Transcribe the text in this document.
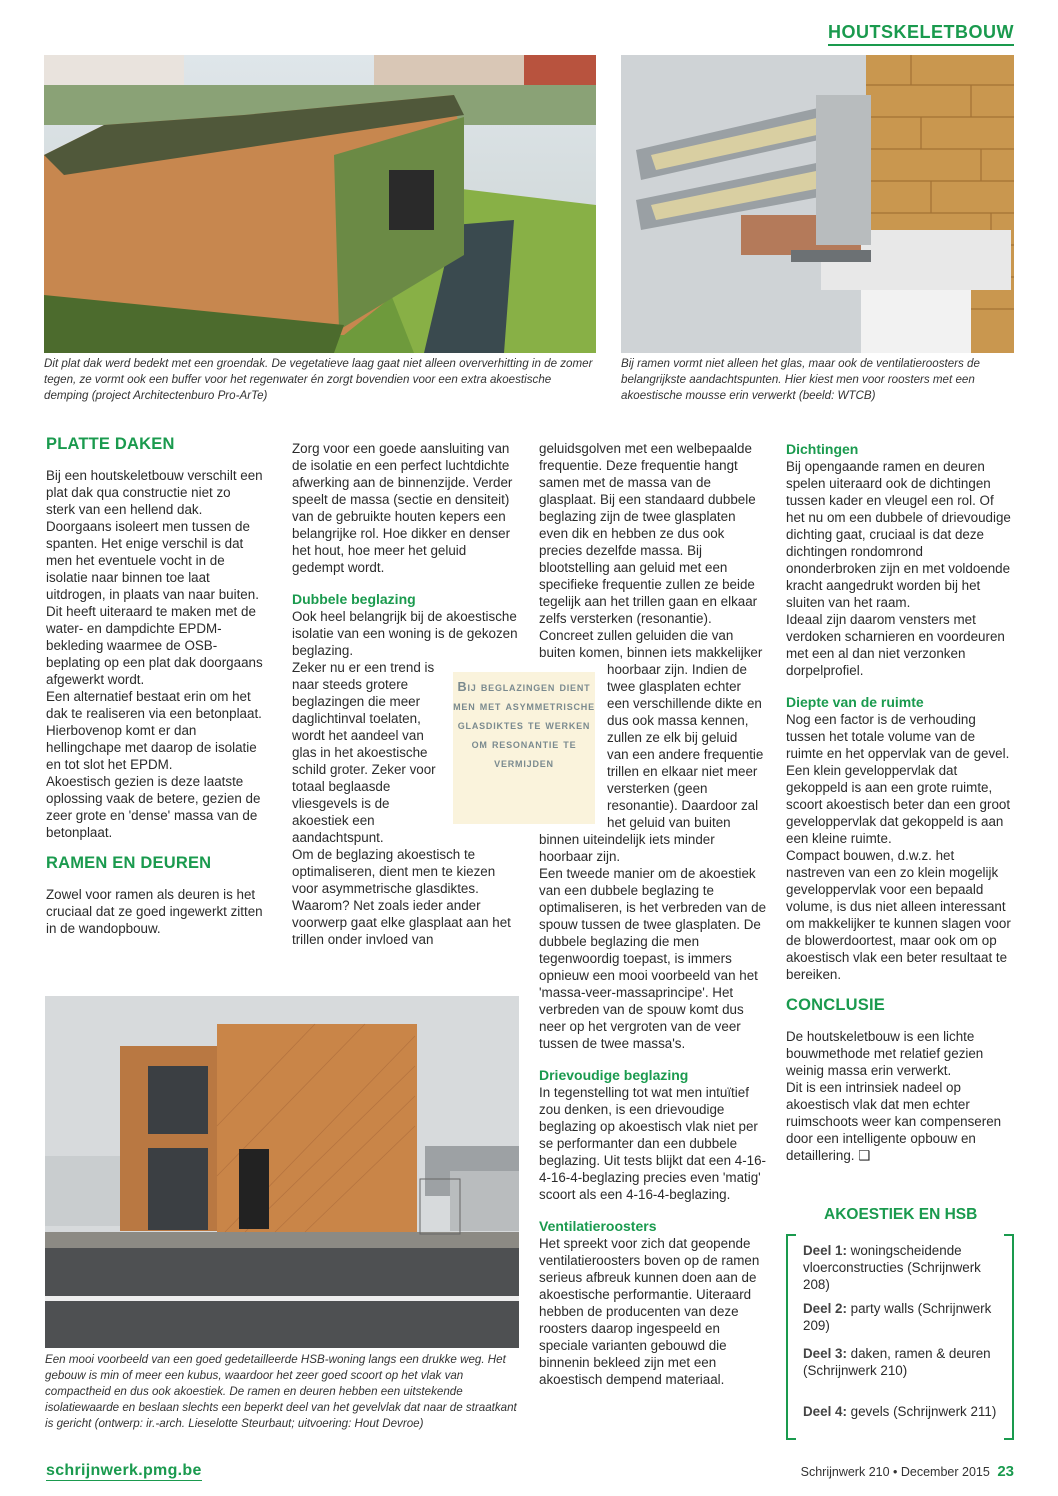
HOUTSKELETBOUW
Dit plat dak werd bedekt met een groendak. De vegetatieve laag gaat niet alleen oververhitting in de zomer tegen, ze vormt ook een buffer voor het regenwater én zorgt bovendien voor een extra akoestische demping (project Architectenburo Pro-ArTe)
Bij ramen vormt niet alleen het glas, maar ook de ventilatieroosters de belangrijkste aandachtspunten. Hier kiest men voor roosters met een akoestische mousse erin verwerkt (beeld: WTCB)
PLATTE DAKEN

Bij een houtskeletbouw verschilt een plat dak qua constructie niet zo sterk van een hellend dak.

Doorgaans isoleert men tussen de spanten. Het enige verschil is dat men het eventuele vocht in de isolatie naar binnen toe laat uitdrogen, in plaats van naar buiten.

Dit heeft uiteraard te maken met de water- en dampdichte EPDM-bekleding waarmee de OSB-beplating op een plat dak doorgaans afgewerkt wordt.

Een alternatief bestaat erin om het dak te realiseren via een betonplaat. Hierbovenop komt er dan hellingchape met daarop de isolatie en tot slot het EPDM.

Akoestisch gezien is deze laatste oplossing vaak de betere, gezien de zeer grote en 'dense' massa van de betonplaat.

RAMEN EN DEUREN

Zowel voor ramen als deuren is het cruciaal dat ze goed ingewerkt zitten in de wandopbouw.

Zorg voor een goede aansluiting van de isolatie en een perfect luchtdichte afwerking aan de binnenzijde. Verder speelt de massa (sectie en densiteit) van de gebruikte houten kepers een belangrijke rol. Hoe dikker en denser het hout, hoe meer het geluid gedempt wordt.

Dubbele beglazing

Ook heel belangrijk bij de akoestische isolatie van een woning is de gekozen beglazing.

Zeker nu er een trend is
naar steeds grotere
beglazingen die meer
daglichtinval toelaten,
wordt het aandeel van
glas in het akoestische
schild groter. Zeker voor
totaal beglaasde
vliesgevels is de
akoestiek een
aandachtspunt.

Om de beglazing akoestisch te optimaliseren, dient men te kiezen voor asymmetrische glasdiktes. Waarom? Net zoals ieder ander voorwerp gaat elke glasplaat aan het trillen onder invloed van

Bij beglazingen dient men met asymmetrische glasdiktes te werken om resonantie te vermijden

geluidsgolven met een welbepaalde frequentie. Deze frequentie hangt samen met de massa van de glasplaat. Bij een standaard dubbele beglazing zijn de twee glasplaten even dik en hebben ze dus ook precies dezelfde massa. Bij blootstelling aan geluid met een specifieke frequentie zullen ze beide tegelijk aan het trillen gaan en elkaar zelfs versterken (resonantie).

Concreet zullen geluiden die van buiten komen, binnen iets makkelijker

hoorbaar zijn. Indien de
twee glasplaten echter
een verschillende dikte en
dus ook massa kennen,
zullen ze elk bij geluid
van een andere frequentie
trillen en elkaar niet meer
versterken (geen
resonantie). Daardoor zal
het geluid van buiten

binnen uiteindelijk iets minder hoorbaar zijn.

Een tweede manier om de akoestiek van een dubbele beglazing te optimaliseren, is het verbreden van de spouw tussen de twee glasplaten. De dubbele beglazing die men tegenwoordig toepast, is immers opnieuw een mooi voorbeeld van het 'massa-veer-massaprincipe'. Het verbreden van de spouw komt dus neer op het vergroten van de veer tussen de twee massa's.

Drievoudige beglazing

In tegenstelling tot wat men intuïtief zou denken, is een drievoudige beglazing op akoestisch vlak niet per se performanter dan een dubbele beglazing. Uit tests blijkt dat een 4-16-4-16-4-beglazing precies even 'matig' scoort als een 4-16-4-beglazing.

Ventilatieroosters

Het spreekt voor zich dat geopende ventilatieroosters boven op de ramen serieus afbreuk kunnen doen aan de akoestische performantie. Uiteraard hebben de producenten van deze roosters daarop ingespeeld en speciale varianten gebouwd die binnenin bekleed zijn met een akoestisch dempend materiaal.

Dichtingen

Bij opengaande ramen en deuren spelen uiteraard ook de dichtingen tussen kader en vleugel een rol. Of het nu om een dubbele of drievoudige dichting gaat, cruciaal is dat deze dichtingen rondomrond ononderbroken zijn en met voldoende kracht aangedrukt worden bij het sluiten van het raam.

Ideaal zijn daarom vensters met verdoken scharnieren en voordeuren met een al dan niet verzonken dorpelprofiel.

Diepte van de ruimte

Nog een factor is de verhouding tussen het totale volume van de ruimte en het oppervlak van de gevel.

Een klein geveloppervlak dat gekoppeld is aan een grote ruimte, scoort akoestisch beter dan een groot geveloppervlak dat gekoppeld is aan een kleine ruimte.

Compact bouwen, d.w.z. het nastreven van een zo klein mogelijk geveloppervlak voor een bepaald volume, is dus niet alleen interessant om makkelijker te kunnen slagen voor de blowerdoortest, maar ook om op akoestisch vlak een beter resultaat te bereiken.

CONCLUSIE

De houtskeletbouw is een lichte bouwmethode met relatief gezien weinig massa erin verwerkt.

Dit is een intrinsiek nadeel op akoestisch vlak dat men echter ruimschoots weer kan compenseren door een intelligente opbouw en detaillering. ❑

Een mooi voorbeeld van een goed gedetailleerde HSB-woning langs een drukke weg. Het gebouw is min of meer een kubus, waardoor het zeer goed scoort op het vlak van compactheid en dus ook akoestiek. De ramen en deuren hebben een uitstekende isolatiewaarde en beslaan slechts een beperkt deel van het gevelvlak dat naar de straatkant is gericht (ontwerp: ir.-arch. Lieselotte Steurbaut; uitvoering: Hout Devroe)
AKOESTIEK EN HSB
Deel 1: woningscheidende vloerconstructies (Schrijnwerk 208)
Deel 2: party walls (Schrijnwerk 209)
Deel 3: daken, ramen & deuren (Schrijnwerk 210)
Deel 4: gevels (Schrijnwerk 211)
schrijnwerk.pmg.be	Schrijnwerk 210 • December 2015 23
